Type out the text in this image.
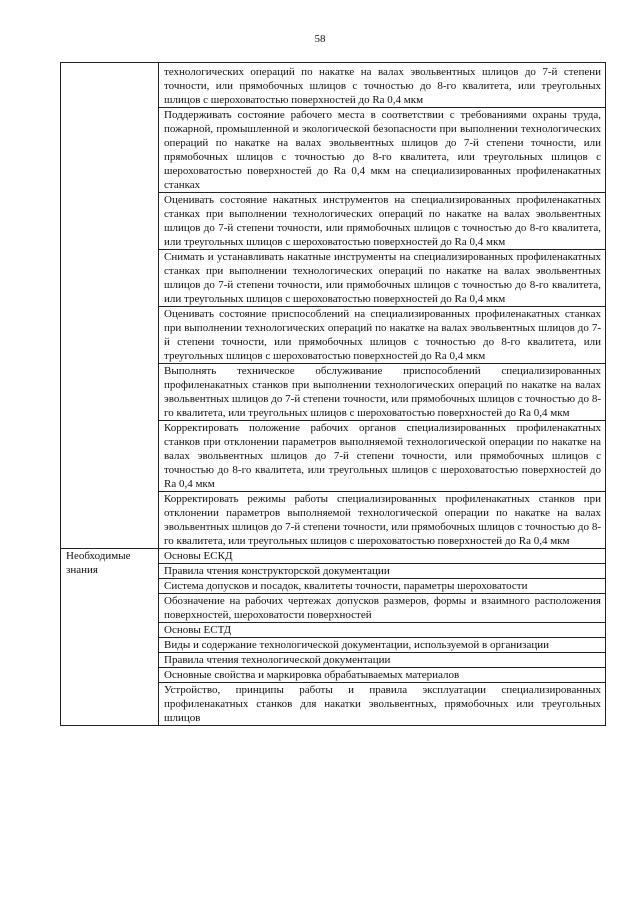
58
	технологических операций по накатке на валах эвольвентных шлицов до 7-й степени точности, или прямобочных шлицов с точностью до 8-го квалитета, или треугольных шлицов с шероховатостью поверхностей до Ra 0,4 мкм
	Поддерживать состояние рабочего места в соответствии с требованиями охраны труда, пожарной, промышленной и экологической безопасности при выполнении технологических операций по накатке на валах эвольвентных шлицов до 7-й степени точности, или прямобочных шлицов с точностью до 8-го квалитета, или треугольных шлицов с шероховатостью поверхностей до Ra 0,4 мкм на специализированных профиленакатных станках
	Оценивать состояние накатных инструментов на специализированных профиленакатных станках при выполнении технологических операций по накатке на валах эвольвентных шлицов до 7-й степени точности, или прямобочных шлицов с точностью до 8-го квалитета, или треугольных шлицов с шероховатостью поверхностей до Ra 0,4 мкм
	Снимать и устанавливать накатные инструменты на специализированных профиленакатных станках при выполнении технологических операций по накатке на валах эвольвентных шлицов до 7-й степени точности, или прямобочных шлицов с точностью до 8-го квалитета, или треугольных шлицов с шероховатостью поверхностей до Ra 0,4 мкм
	Оценивать состояние приспособлений на специализированных профиленакатных станках при выполнении технологических операций по накатке на валах эвольвентных шлицов до 7-й степени точности, или прямобочных шлицов с точностью до 8-го квалитета, или треугольных шлицов с шероховатостью поверхностей до Ra 0,4 мкм
	Выполнять техническое обслуживание приспособлений специализированных профиленакатных станков при выполнении технологических операций по накатке на валах эвольвентных шлицов до 7-й степени точности, или прямобочных шлицов с точностью до 8-го квалитета, или треугольных шлицов с шероховатостью поверхностей до Ra 0,4 мкм
	Корректировать положение рабочих органов специализированных профиленакатных станков при отклонении параметров выполняемой технологической операции по накатке на валах эвольвентных шлицов до 7-й степени точности, или прямобочных шлицов с точностью до 8-го квалитета, или треугольных шлицов с шероховатостью поверхностей до Ra 0,4 мкм
	Корректировать режимы работы специализированных профиленакатных станков при отклонении параметров выполняемой технологической операции по накатке на валах эвольвентных шлицов до 7-й степени точности, или прямобочных шлицов с точностью до 8-го квалитета, или треугольных шлицов с шероховатостью поверхностей до Ra 0,4 мкм
Необходимые знания	Основы ЕСКД
	Правила чтения конструкторской документации
	Система допусков и посадок, квалитеты точности, параметры шероховатости
	Обозначение на рабочих чертежах допусков размеров, формы и взаимного расположения поверхностей, шероховатости поверхностей
	Основы ЕСТД
	Виды и содержание технологической документации, используемой в организации
	Правила чтения технологической документации
	Основные свойства и маркировка обрабатываемых материалов
	Устройство, принципы работы и правила эксплуатации специализированных профиленакатных станков для накатки эвольвентных, прямобочных или треугольных шлицов
